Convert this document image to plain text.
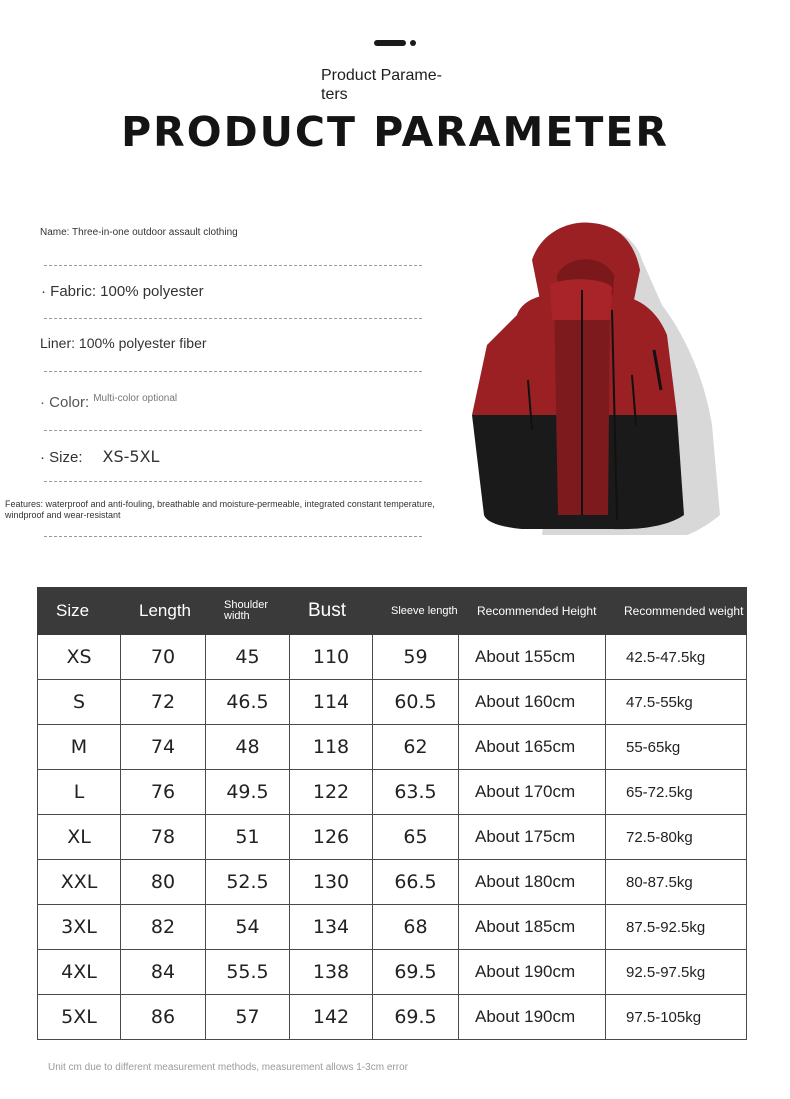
Product Parame-
ters
PRODUCT PARAMETER
Name: Three-in-one outdoor assault clothing
· Fabric: 100% polyester
Liner: 100% polyester fiber
· Color: $^{Multi-color optional}$
· Size: XS-5XL
Features: waterproof and anti-fouling, breathable and moisture-permeable, integrated constant temperature, windproof and wear-resistant
Size	Length	Shoulder width	Bust	Sleeve length	Recommended Height	Recommended weight
XS	70	45	110	59	About 155cm	42.5-47.5kg
S	72	46.5	114	60.5	About 160cm	47.5-55kg
M	74	48	118	62	About 165cm	55-65kg
L	76	49.5	122	63.5	About 170cm	65-72.5kg
XL	78	51	126	65	About 175cm	72.5-80kg
XXL	80	52.5	130	66.5	About 180cm	80-87.5kg
3XL	82	54	134	68	About 185cm	87.5-92.5kg
4XL	84	55.5	138	69.5	About 190cm	92.5-97.5kg
5XL	86	57	142	69.5	About 190cm	97.5-105kg
Unit cm due to different measurement methods, measurement allows 1-3cm error
